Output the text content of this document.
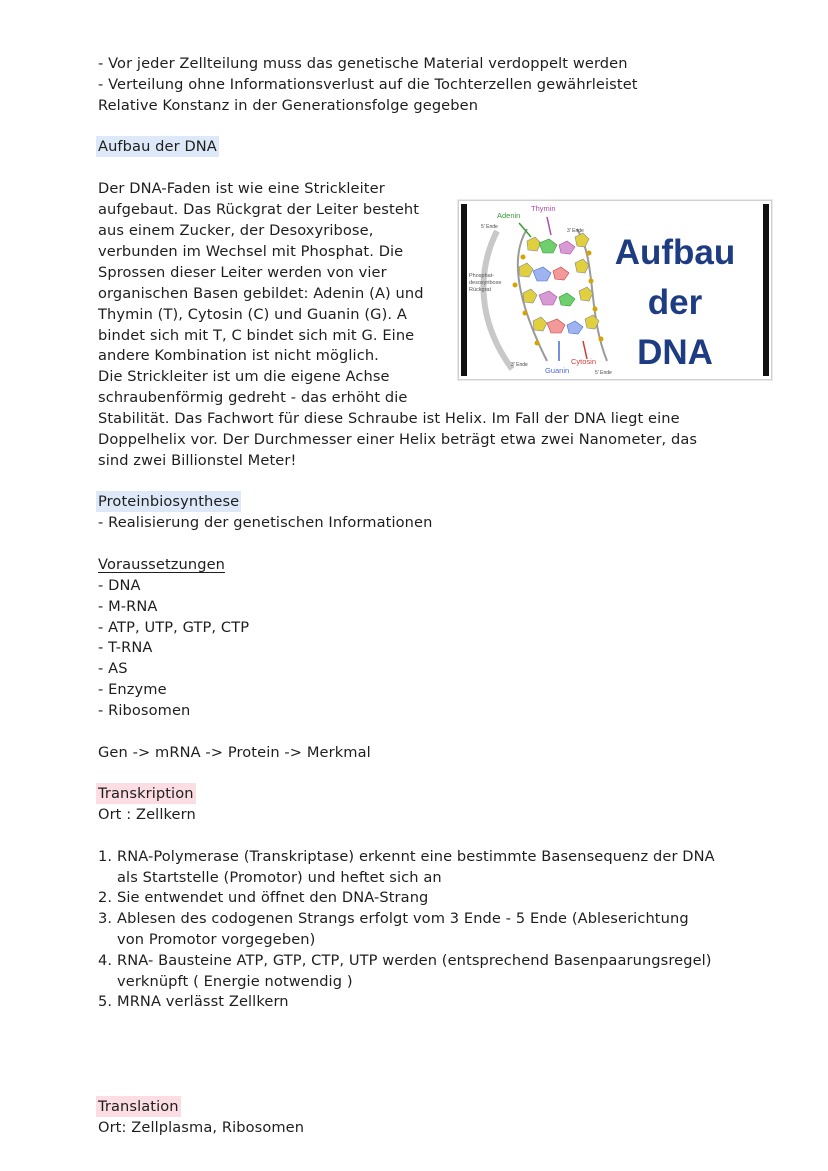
- Vor jeder Zellteilung muss das genetische Material verdoppelt werden
- Verteilung ohne Informationsverlust auf die Tochterzellen gewährleistet
Relative Konstanz in der Generationsfolge gegeben
Aufbau der DNA
Der DNA-Faden ist wie eine Strickleiter
aufgebaut. Das Rückgrat der Leiter besteht
aus einem Zucker, der Desoxyribose,
verbunden im Wechsel mit Phosphat. Die
Sprossen dieser Leiter werden von vier
organischen Basen gebildet: Adenin (A) und
Thymin (T), Cytosin (C) und Guanin (G). A
bindet sich mit T, C bindet sich mit G. Eine
andere Kombination ist nicht möglich.
Die Strickleiter ist um die eigene Achse
schraubenförmig gedreht - das erhöht die
Stabilität. Das Fachwort für diese Schraube ist Helix. Im Fall der DNA liegt eine
Doppelhelix vor. Der Durchmesser einer Helix beträgt etwa zwei Nanometer, das
sind zwei Billionstel Meter!
Adenin
Thymin
5' Ende
3' Ende
Phosphat-
desoxyribose
Rückgrat
3' Ende
Guanin
Cytosin
5' Ende
Aufbau
der
DNA
Proteinbiosynthese
- Realisierung der genetischen Informationen
Voraussetzungen
- DNA
- M-RNA
- ATP, UTP, GTP, CTP
- T-RNA
- AS
- Enzyme
- Ribosomen
Gen -> mRNA -> Protein -> Merkmal
Transkription
Ort : Zellkern
1. RNA-Polymerase (Transkriptase) erkennt eine bestimmte Basensequenz der DNA
als Startstelle (Promotor) und heftet sich an
2. Sie entwendet und öffnet den DNA-Strang
3. Ablesen des codogenen Strangs erfolgt vom 3 Ende - 5 Ende (Ableserichtung
von Promotor vorgegeben)
4. RNA- Bausteine ATP, GTP, CTP, UTP werden (entsprechend Basenpaarungsregel)
verknüpft ( Energie notwendig )
5. MRNA verlässt Zellkern
Translation
Ort: Zellplasma, Ribosomen
